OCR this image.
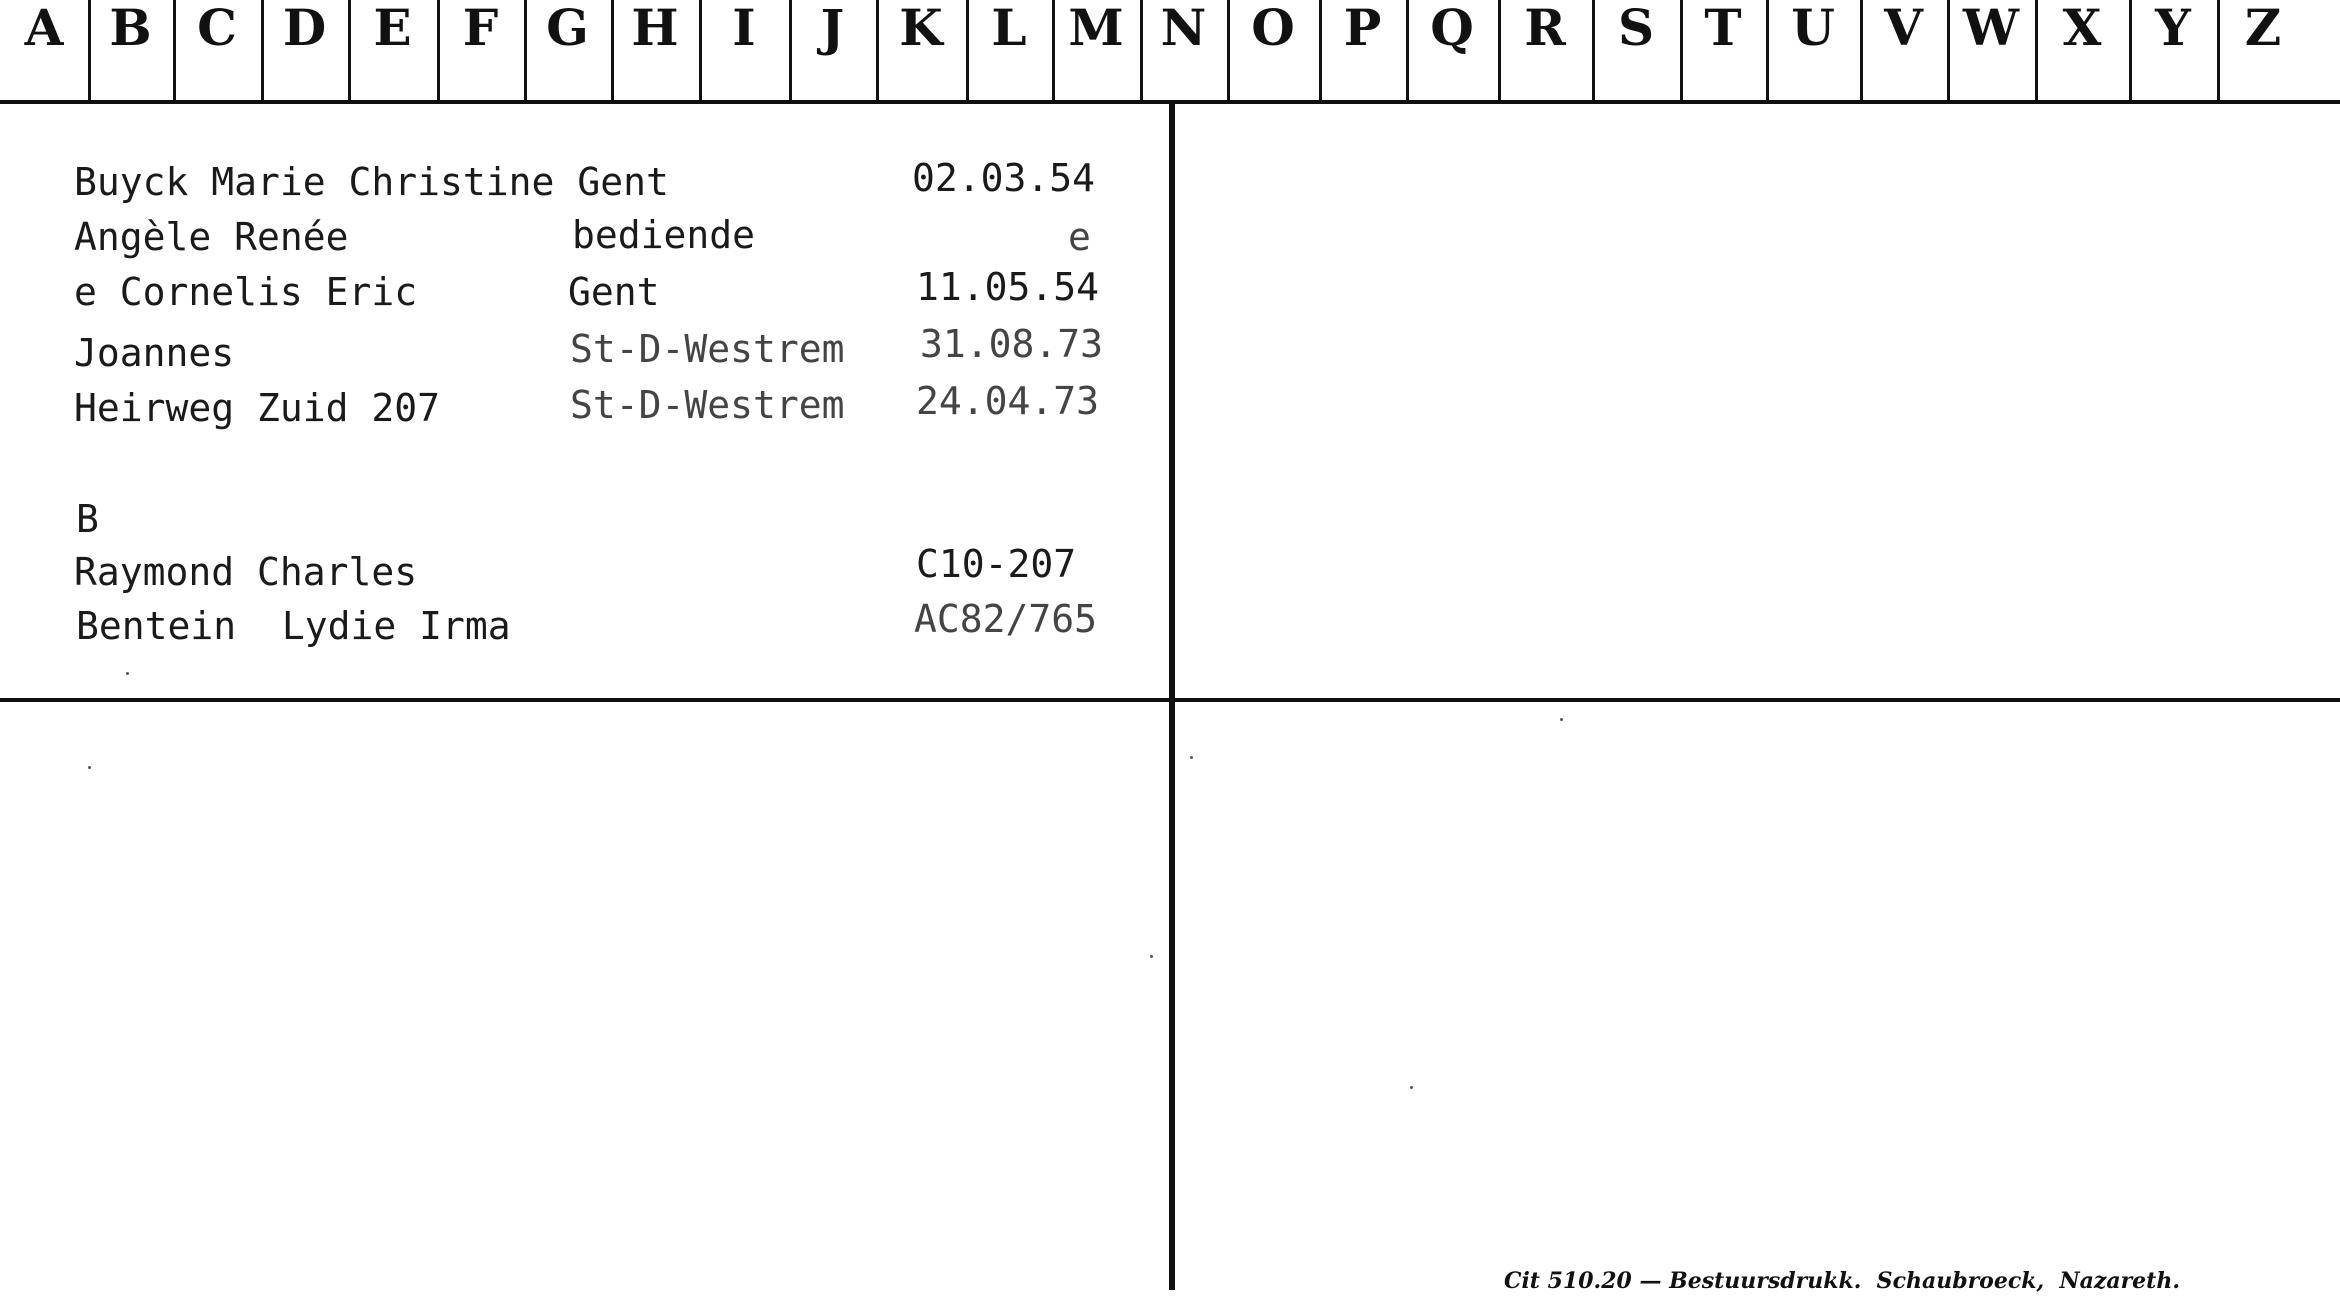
A B C D E	F G H	I	J	K L M N O P Q	R	S	T U V W X	Y	Z
Buyck Marie Christine Gent	02.03.54
Angèle Renée	bediende	e
e Cornelis Eric	Gent	11.05.54
Joannes	St-D-Westrem 31.08.73
Heirweg Zuid 207	St-D-Westrem 24.04.73
B
Raymond Charles	C10-207
Bentein  Lydie Irma	AC82/765
Cit 510.20 — Bestuursdrukk.  Schaubroeck,  Nazareth.
